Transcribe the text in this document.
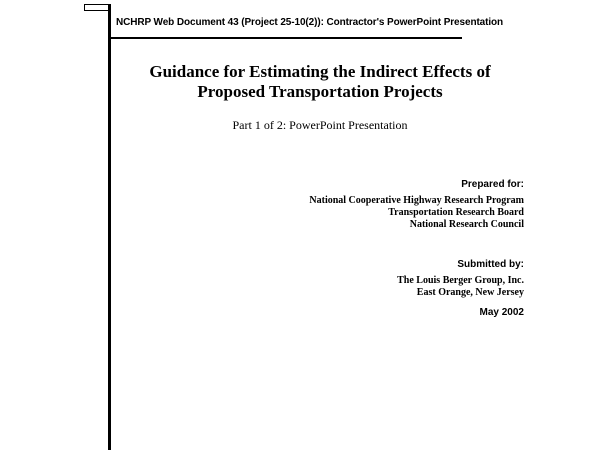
NCHRP Web Document 43 (Project 25-10(2)): Contractor's PowerPoint Presentation
Guidance for Estimating the Indirect Effects of
Proposed Transportation Projects
Part 1 of 2: PowerPoint Presentation
Prepared for:
National Cooperative Highway Research Program
Transportation Research Board
National Research Council
Submitted by:
The Louis Berger Group, Inc.
East Orange, New Jersey
May 2002
